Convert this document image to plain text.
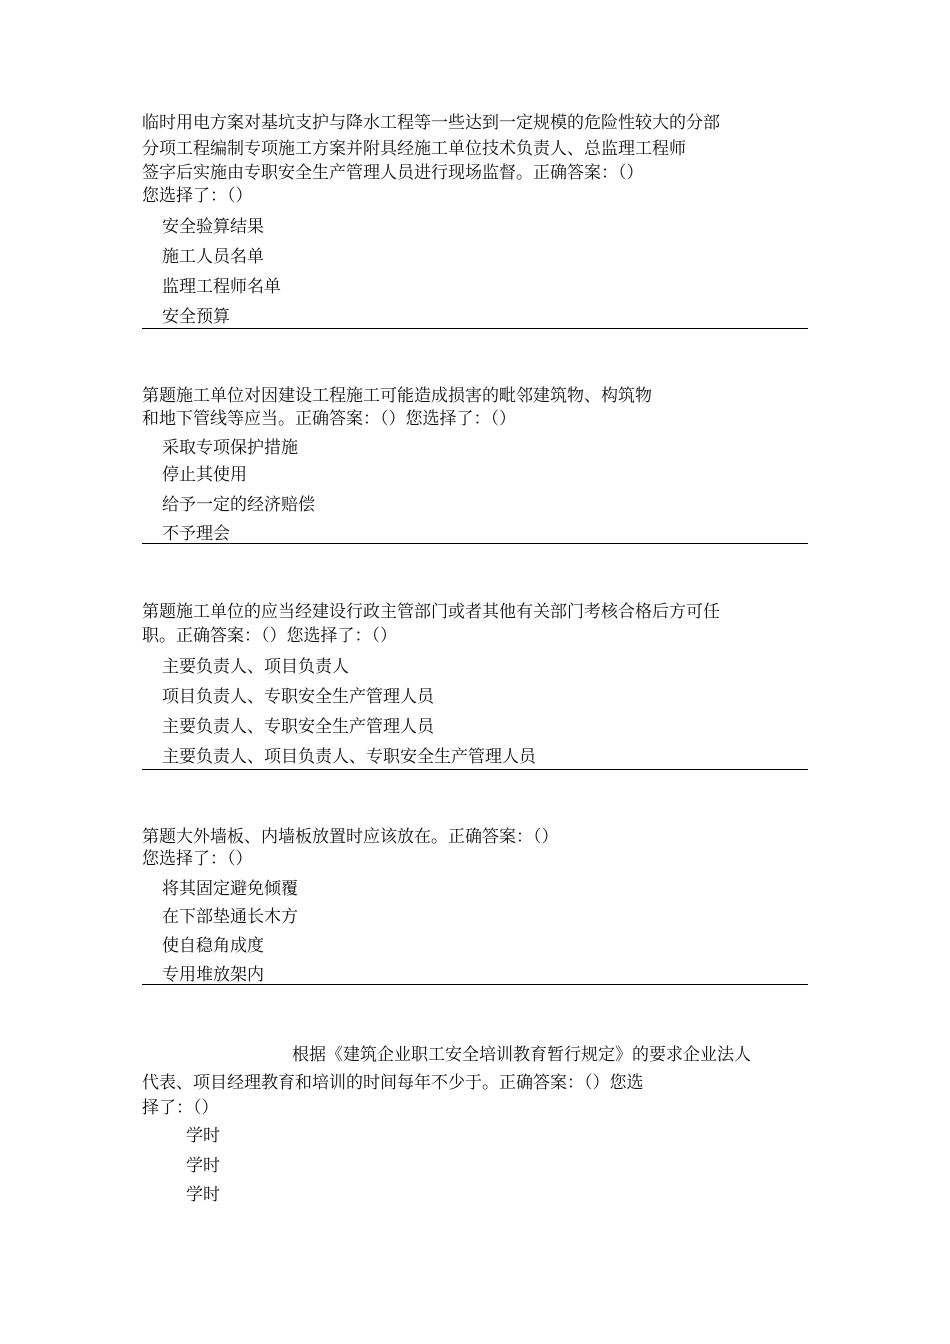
临时用电方案对基坑支护与降水工程等一些达到一定规模的危险性较大的分部
分项工程编制专项施工方案并附具经施工单位技术负责人、总监理工程师
签字后实施由专职安全生产管理人员进行现场监督。正确答案：（）
您选择了：（）
安全验算结果
施工人员名单
监理工程师名单
安全预算
第题施工单位对因建设工程施工可能造成损害的毗邻建筑物、构筑物
和地下管线等应当。正确答案：（）您选择了：（）
采取专项保护措施
停止其使用
给予一定的经济赔偿
不予理会
第题施工单位的应当经建设行政主管部门或者其他有关部门考核合格后方可任
职。正确答案：（）您选择了：（）
主要负责人、项目负责人
项目负责人、专职安全生产管理人员
主要负责人、专职安全生产管理人员
主要负责人、项目负责人、专职安全生产管理人员
第题大外墙板、内墙板放置时应该放在。正确答案：（）
您选择了：（）
将其固定避免倾覆
在下部垫通长木方
使自稳角成度
专用堆放架内
根据《建筑企业职工安全培训教育暂行规定》的要求企业法人
代表、项目经理教育和培训的时间每年不少于。正确答案：（）您选
择了：（）
学时
学时
学时
